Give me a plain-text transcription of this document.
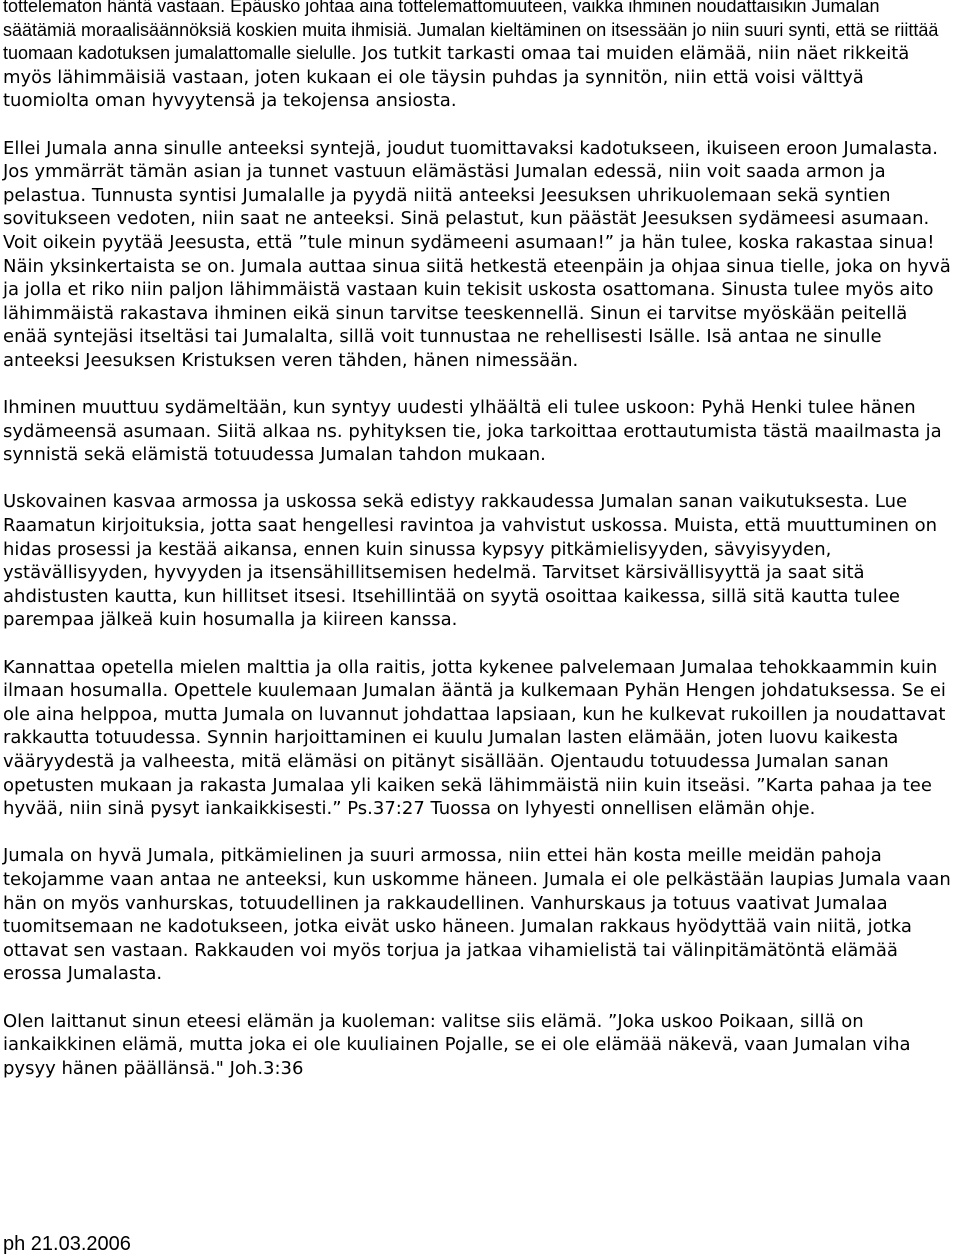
tottelematon häntä vastaan. Epäusko johtaa aina tottelemattomuuteen, vaikka ihminen noudattaisikin Jumalan säätämiä moraalisäännöksiä koskien muita ihmisiä. Jumalan kieltäminen on itsessään jo niin suuri synti, että se riittää tuomaan kadotuksen jumalattomalle sielulle. Jos tutkit tarkasti omaa tai muiden elämää, niin näet rikkeitä myös lähimmäisiä vastaan, joten kukaan ei ole täysin puhdas ja synnitön, niin että voisi välttyä tuomiolta oman hyvyytensä ja tekojensa ansiosta.

Ellei Jumala anna sinulle anteeksi syntejä, joudut tuomittavaksi kadotukseen, ikuiseen eroon Jumalasta. Jos ymmärrät tämän asian ja tunnet vastuun elämästäsi Jumalan edessä, niin voit saada armon ja pelastua. Tunnusta syntisi Jumalalle ja pyydä niitä anteeksi Jeesuksen uhrikuolemaan sekä syntien sovitukseen vedoten, niin saat ne anteeksi. Sinä pelastut, kun päästät Jeesuksen sydämeesi asumaan. Voit oikein pyytää Jeesusta, että ”tule minun sydämeeni asumaan!” ja hän tulee, koska rakastaa sinua! Näin yksinkertaista se on. Jumala auttaa sinua siitä hetkestä eteenpäin ja ohjaa sinua tielle, joka on hyvä ja jolla et riko niin paljon lähimmäistä vastaan kuin tekisit uskosta osattomana. Sinusta tulee myös aito lähimmäistä rakastava ihminen eikä sinun tarvitse teeskennellä. Sinun ei tarvitse myöskään peitellä enää syntejäsi itseltäsi tai Jumalalta, sillä voit tunnustaa ne rehellisesti Isälle. Isä antaa ne sinulle anteeksi Jeesuksen Kristuksen veren tähden, hänen nimessään.

Ihminen muuttuu sydämeltään, kun syntyy uudesti ylhäältä eli tulee uskoon: Pyhä Henki tulee hänen sydämeensä asumaan. Siitä alkaa ns. pyhityksen tie, joka tarkoittaa erottautumista tästä maailmasta ja synnistä sekä elämistä totuudessa Jumalan tahdon mukaan.

Uskovainen kasvaa armossa ja uskossa sekä edistyy rakkaudessa Jumalan sanan vaikutuksesta. Lue Raamatun kirjoituksia, jotta saat hengellesi ravintoa ja vahvistut uskossa. Muista, että muuttuminen on hidas prosessi ja kestää aikansa, ennen kuin sinussa kypsyy pitkämielisyyden, sävyisyyden, ystävällisyyden, hyvyyden ja itsensähillitsemisen hedelmä. Tarvitset kärsivällisyyttä ja saat sitä ahdistusten kautta, kun hillitset itsesi. Itsehillintää on syytä osoittaa kaikessa, sillä sitä kautta tulee parempaa jälkeä kuin hosumalla ja kiireen kanssa.

Kannattaa opetella mielen malttia ja olla raitis, jotta kykenee palvelemaan Jumalaa tehokkaammin kuin ilmaan hosumalla. Opettele kuulemaan Jumalan ääntä ja kulkemaan Pyhän Hengen johdatuksessa. Se ei ole aina helppoa, mutta Jumala on luvannut johdattaa lapsiaan, kun he kulkevat rukoillen ja noudattavat rakkautta totuudessa. Synnin harjoittaminen ei kuulu Jumalan lasten elämään, joten luovu kaikesta vääryydestä ja valheesta, mitä elämäsi on pitänyt sisällään. Ojentaudu totuudessa Jumalan sanan opetusten mukaan ja rakasta Jumalaa yli kaiken sekä lähimmäistä niin kuin itseäsi. ”Karta pahaa ja tee hyvää, niin sinä pysyt iankaikkisesti.” Ps.37:27 Tuossa on lyhyesti onnellisen elämän ohje.

Jumala on hyvä Jumala, pitkämielinen ja suuri armossa, niin ettei hän kosta meille meidän pahoja tekojamme vaan antaa ne anteeksi, kun uskomme häneen. Jumala ei ole pelkästään laupias Jumala vaan hän on myös vanhurskas, totuudellinen ja rakkaudellinen. Vanhurskaus ja totuus vaativat Jumalaa tuomitsemaan ne kadotukseen, jotka eivät usko häneen. Jumalan rakkaus hyödyttää vain niitä, jotka ottavat sen vastaan. Rakkauden voi myös torjua ja jatkaa vihamielistä tai välinpitämätöntä elämää erossa Jumalasta.

Olen laittanut sinun eteesi elämän ja kuoleman: valitse siis elämä. ”Joka uskoo Poikaan, sillä on iankaikkinen elämä, mutta joka ei ole kuuliainen Pojalle, se ei ole elämää näkevä, vaan Jumalan viha pysyy hänen päällänsä." Joh.3:36

ph 21.03.2006
